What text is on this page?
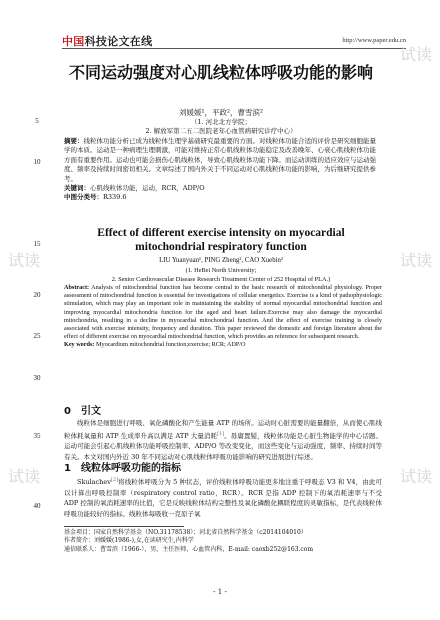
中国科技论文在线	http://www.paper.edu.cn
试读
试读
试读
试读
试读
5
10
15
20
25
30
35
40
不同运动强度对心肌线粒体呼吸功能的影响
刘媛媛¹，平政²，曹雪滨²
（1. 河北北方学院；
2. 解放军第二五二医院老年心血管病研究诊疗中心）
摘要：线粒体功能分析已成为线粒体生理学基础研究最重要的方面。对线粒体功能合适的评价是研究细胞能量学的本质。运动是一种病理生理刺激，可能对维持正常心肌线粒体功能稳定及改善晚年、心衰心肌线粒体功能方面有重要作用。运动也可能会损伤心肌线粒体，导致心肌线粒体功能下降。而运动训练的适应效应与运动强度、频率及持续时间密切相关。文章综述了国内外关于不同运动对心肌线粒体功能的影响，为后继研究提供参考。
关键词：心肌线粒体功能，运动，RCR，ADP/O
中图分类号：R339.6
Effect of different exercise intensity on myocardial mitochondrial respiratory function
LIU Yuanyuan¹, PING Zheng², CAO Xuebin²
(1. HeBei North University;
2. Senior Cardiovascular Disease Research Treatment Center of 252 Hospital of PLA.)
Abstract: Analysis of mitochondrial function has become central to the basic research of mitochondrial physiology. Proper assessment of mitochondrial function is essential for investigations of cellular energetics. Exercise is a kind of pathophysiologic stimulation, which may play an important role in maintaining the stability of normal myocardial mitochondrial function and improving myocardial mitochondria function for the aged and heart failure.Exercise may also damage the myocardial mitochondria, resulting in a decline in myocardial mitochondrial function. And the effect of exercise training is closely associated with exercise intensity, frequency and duration. This paper reviewed the domestic and foreign literature about the effect of different exercise on myocardial mitochondrial function, which provides an reference for subsequent research.
Key words: Myocardium mitochondrial function;exercise; RCR; ADP/O
0　引文
线粒体是细胞进行呼吸、氧化磷酸化和产生能量 ATP 的场所。运动时心脏需要的能量翻倍，从而使心肌线粒体耗氧量和 ATP 生成率升高以满足 ATP 大量消耗[1]。毋庸置疑，线粒体功能是心脏生物能学的中心话题。运动可能会引起心肌线粒体功能呼吸控制率、ADP/O 等改变变化，而这些变化与运动强度、频率、持续时间等有关。本文对国内外近 30 年不同运动对心肌线粒体呼吸功能影响的研究进展进行综述。
1　线粒体呼吸功能的指标
Skulachev[2]将线粒体呼吸分为 5 种状态，评价线粒体呼吸功能更多地注重于呼吸态 V3 和 V4，由此可以计算出呼吸控制率（respiratory control ratio，RCR）。RCR 是指 ADP 控制下的氧消耗速率与不受 ADP 控制的氧消耗速率的比值，它是反映线粒体结构完整性及氧化磷酸化耦联程度的灵敏指标，是代表线粒体呼吸功能较好的指标。线粒体每吸收一克原子氧
基金项目：国家自然科学基金（NO.31178538）；河北省自然科学基金（c2014104010）
作者简介：刘媛媛(1986-),女,在读研究生,内科学
通信联系人：曹雪滨（1966-），男，主任医师，心血管内科，E-mail: caoxb252@163.com
- 1 -
